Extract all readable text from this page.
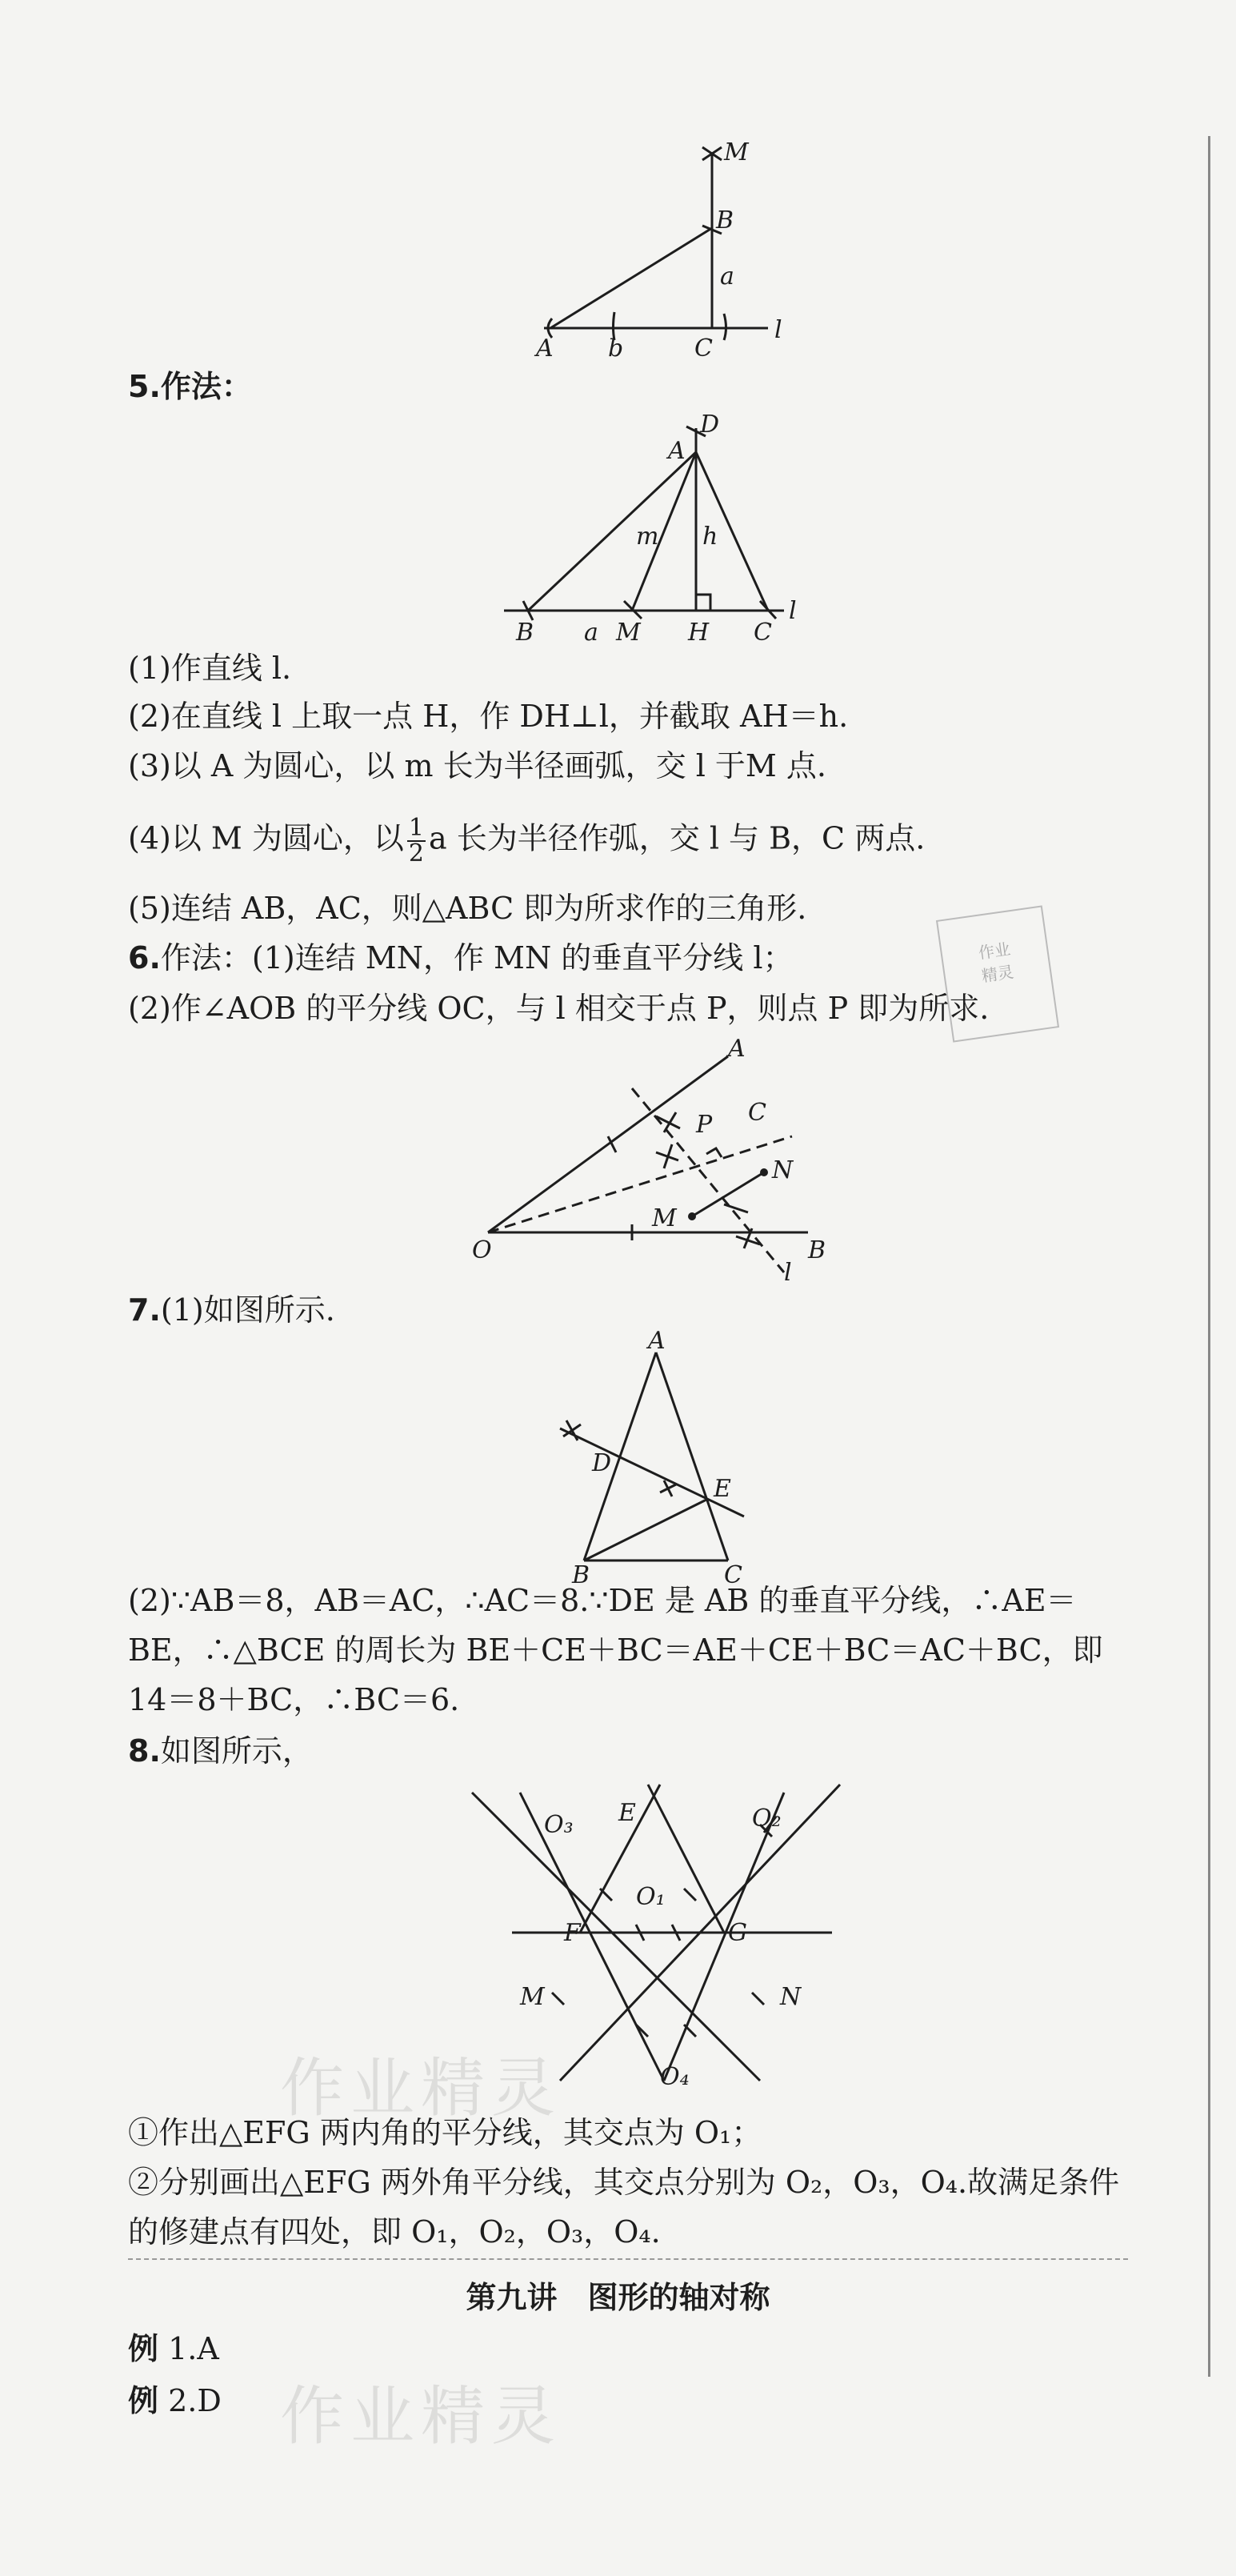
M
B
a
A b	C
l
5.作法：
D
A
m h
B a M H C
l
(1)作直线 l.
(2)在直线 l 上取一点 H，作 DH⊥l，并截取 AH＝h.
(3)以 A 为圆心，以 m 长为半径画弧，交 l 于M 点.
(4)以 M 为圆心，以 $\frac{1}{2}$ a 长为半径作弧，交 l 与 B，C 两点.
(5)连结 AB，AC，则△ABC 即为所求作的三角形.
6.作法：(1)连结 MN，作 MN 的垂直平分线 l；
(2)作∠AOB 的平分线 OC，与 l 相交于点 P，则点 P 即为所求.
作业
精灵
A
C
P
N
M
O
l
B
7.(1)如图所示.
A
D
E
B	C
(2)∵AB＝8，AB＝AC，∴AC＝8.∵DE 是 AB 的垂直平分线，∴AE＝
BE，∴△BCE 的周长为 BE＋CE＋BC＝AE＋CE＋BC＝AC＋BC，即
14＝8＋BC，∴BC＝6.
8.如图所示，
E
O₃	O₂
O₁
F	G
M	N
O₄
作业精灵
①作出△EFG 两内角的平分线，其交点为 O₁；
②分别画出△EFG 两外角平分线，其交点分别为 O₂，O₃，O₄.故满足条件
的修建点有四处，即 O₁，O₂，O₃，O₄.
第九讲　图形的轴对称
例 1.A
例 2.D 作业精灵
